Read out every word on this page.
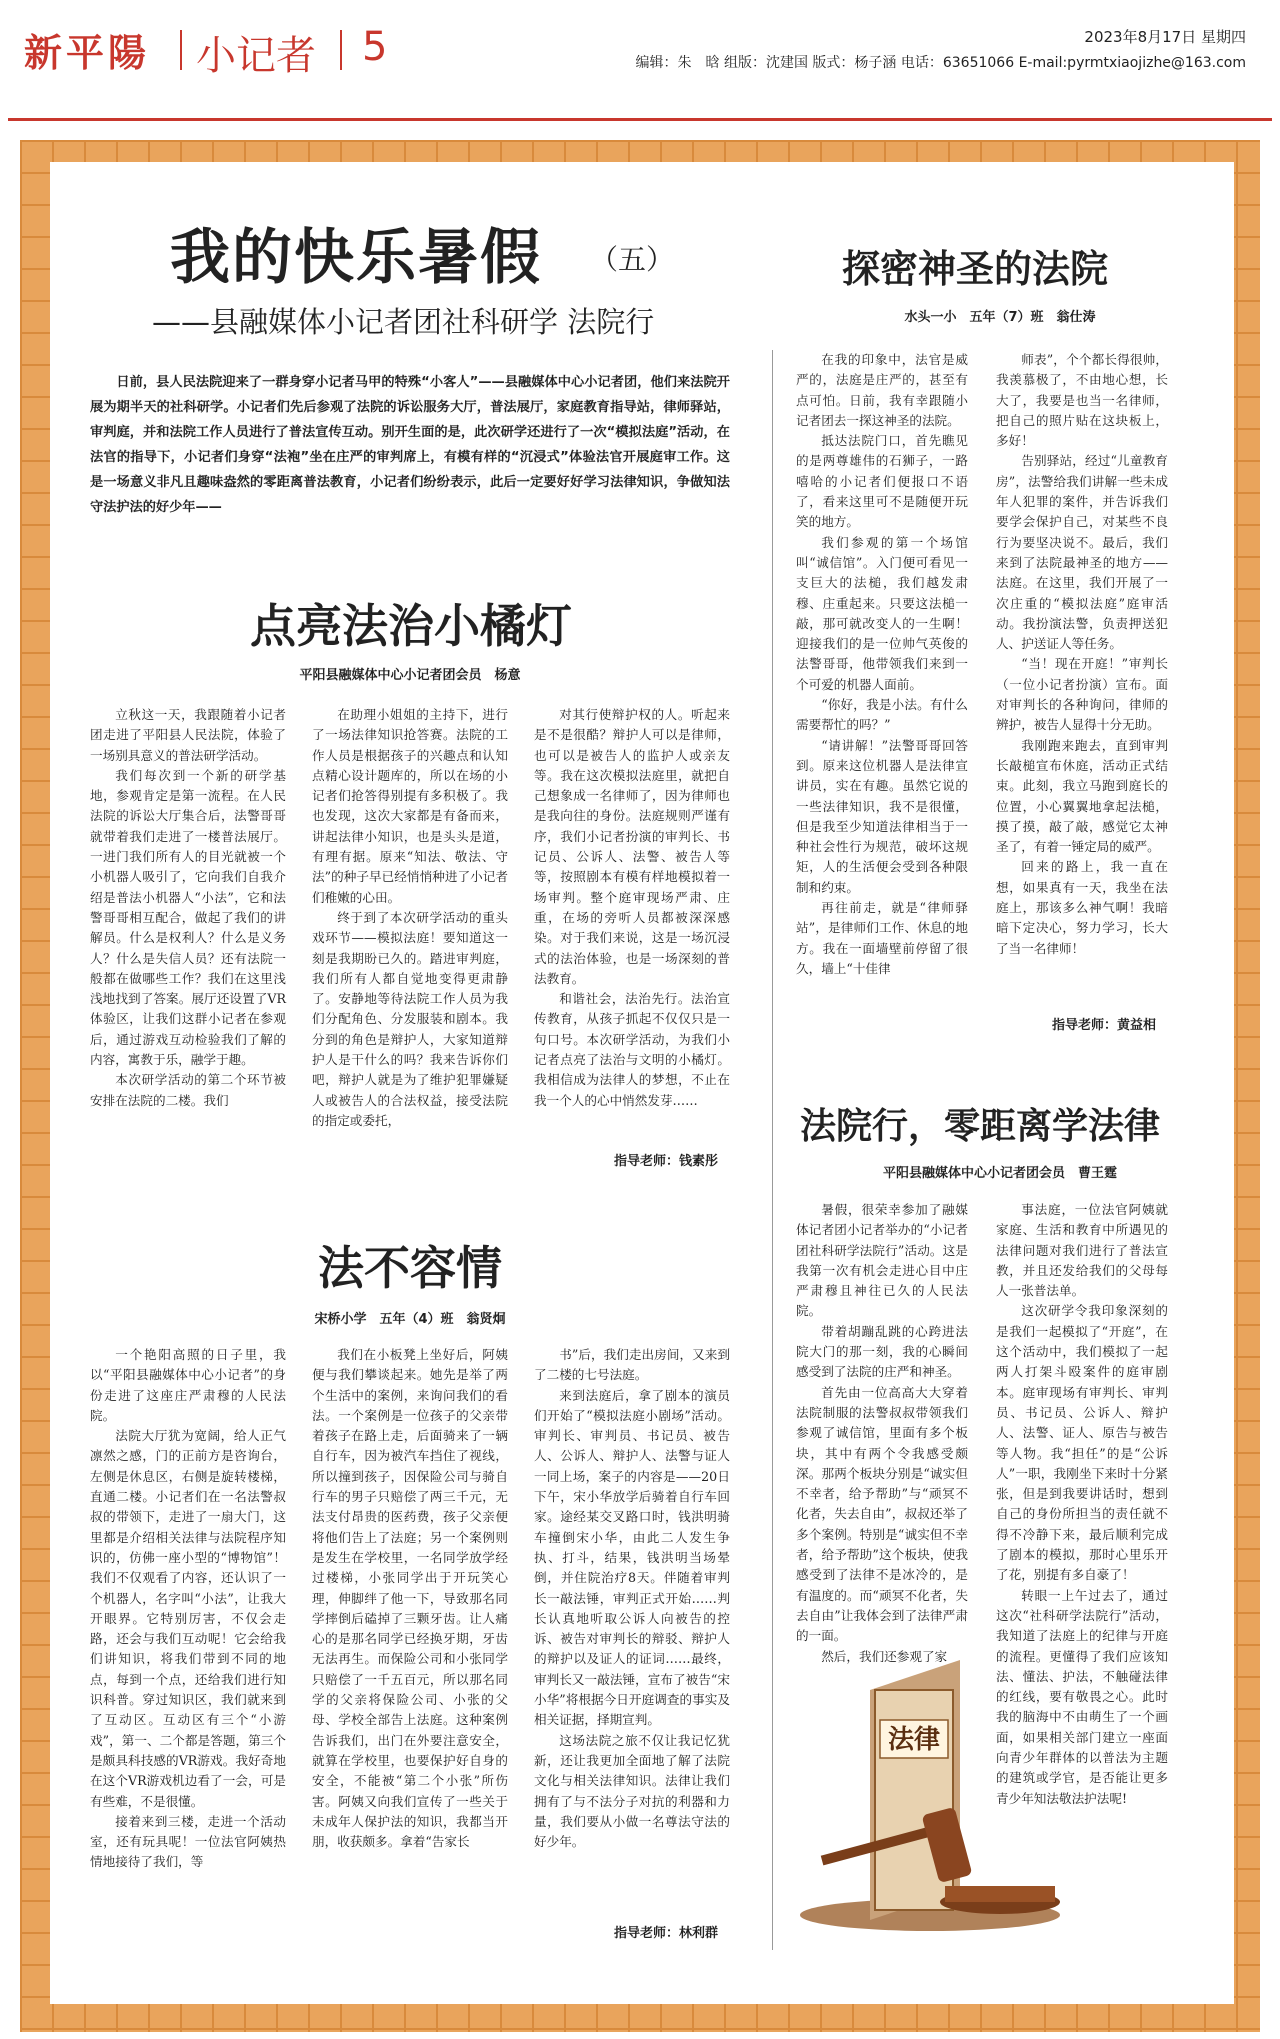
新平陽 小记者 5	2023年8月17日 星期四
编辑：朱　晗 组版：沈建国 版式：杨子涵 电话：63651066 E-mail:pyrmtxiaojizhe@163.com
我的快乐暑假 （五）
——县融媒体小记者团社科研学 法院行
日前，县人民法院迎来了一群身穿小记者马甲的特殊“小客人”——县融媒体中心小记者团，他们来法院开展为期半天的社科研学。小记者们先后参观了法院的诉讼服务大厅，普法展厅，家庭教育指导站，律师驿站，审判庭，并和法院工作人员进行了普法宣传互动。别开生面的是，此次研学还进行了一次“模拟法庭”活动，在法官的指导下，小记者们身穿“法袍”坐在庄严的审判席上，有模有样的“沉浸式”体验法官开展庭审工作。这是一场意义非凡且趣味盎然的零距离普法教育，小记者们纷纷表示，此后一定要好好学习法律知识，争做知法守法护法的好少年——
点亮法治小橘灯
平阳县融媒体中心小记者团会员　杨意

立秋这一天，我跟随着小记者团走进了平阳县人民法院，体验了一场别具意义的普法研学活动。

我们每次到一个新的研学基地，参观肯定是第一流程。在人民法院的诉讼大厅集合后，法警哥哥就带着我们走进了一楼普法展厅。一进门我们所有人的目光就被一个小机器人吸引了，它向我们自我介绍是普法小机器人“小法”，它和法警哥哥相互配合，做起了我们的讲解员。什么是权利人？什么是义务人？什么是失信人员？还有法院一般都在做哪些工作？我们在这里浅浅地找到了答案。展厅还设置了VR体验区，让我们这群小记者在参观后，通过游戏互动检验我们了解的内容，寓教于乐，融学于趣。

本次研学活动的第二个环节被安排在法院的二楼。我们

在助理小姐姐的主持下，进行了一场法律知识抢答赛。法院的工作人员是根据孩子的兴趣点和认知点精心设计题库的，所以在场的小记者们抢答得别提有多积极了。我也发现，这次大家都是有备而来，讲起法律小知识，也是头头是道，有理有据。原来“知法、敬法、守法”的种子早已经悄悄种进了小记者们稚嫩的心田。

终于到了本次研学活动的重头戏环节——模拟法庭！要知道这一刻是我期盼已久的。踏进审判庭，我们所有人都自觉地变得更肃静了。安静地等待法院工作人员为我们分配角色、分发服装和剧本。我分到的角色是辩护人，大家知道辩护人是干什么的吗？我来告诉你们吧，辩护人就是为了维护犯罪嫌疑人或被告人的合法权益，接受法院的指定或委托，

对其行使辩护权的人。听起来是不是很酷？辩护人可以是律师，也可以是被告人的监护人或亲友等。我在这次模拟法庭里，就把自己想象成一名律师了，因为律师也是我向往的身份。法庭规则严谨有序，我们小记者扮演的审判长、书记员、公诉人、法警、被告人等等，按照剧本有模有样地模拟着一场审判。整个庭审现场严肃、庄重，在场的旁听人员都被深深感染。对于我们来说，这是一场沉浸式的法治体验，也是一场深刻的普法教育。

和谐社会，法治先行。法治宣传教育，从孩子抓起不仅仅只是一句口号。本次研学活动，为我们小记者点亮了法治与文明的小橘灯。我相信成为法律人的梦想，不止在我一个人的心中悄然发芽……

指导老师：钱素彤
法不容情
宋桥小学　五年（4）班　翁贤炯

一个艳阳高照的日子里，我以“平阳县融媒体中心小记者”的身份走进了这座庄严肃穆的人民法院。

法院大厅犹为宽阔，给人正气凛然之感，门的正前方是咨询台，左侧是休息区，右侧是旋转楼梯，直通二楼。小记者们在一名法警叔叔的带领下，走进了一扇大门，这里都是介绍相关法律与法院程序知识的，仿佛一座小型的“博物馆”！我们不仅观看了内容，还认识了一个机器人，名字叫“小法”，让我大开眼界。它特别厉害，不仅会走路，还会与我们互动呢！它会给我们讲知识，将我们带到不同的地点，每到一个点，还给我们进行知识科普。穿过知识区，我们就来到了互动区。互动区有三个“小游戏”，第一、二个都是答题，第三个是颇具科技感的VR游戏。我好奇地在这个VR游戏机边看了一会，可是有些难，不是很懂。

接着来到三楼，走进一个活动室，还有玩具呢！一位法官阿姨热情地接待了我们，等

我们在小板凳上坐好后，阿姨便与我们攀谈起来。她先是举了两个生活中的案例，来询问我们的看法。一个案例是一位孩子的父亲带着孩子在路上走，后面骑来了一辆自行车，因为被汽车挡住了视线，所以撞到孩子，因保险公司与骑自行车的男子只赔偿了两三千元，无法支付昂贵的医药费，孩子父亲便将他们告上了法庭；另一个案例则是发生在学校里，一名同学放学经过楼梯，小张同学出于开玩笑心理，伸脚绊了他一下，导致那名同学摔倒后磕掉了三颗牙齿。让人痛心的是那名同学已经换牙期，牙齿无法再生。而保险公司和小张同学只赔偿了一千五百元，所以那名同学的父亲将保险公司、小张的父母、学校全部告上法庭。这种案例告诉我们，出门在外要注意安全，就算在学校里，也要保护好自身的安全，不能被“第二个小张”所伤害。阿姨又向我们宣传了一些关于未成年人保护法的知识，我都当开朋，收获颇多。拿着“告家长

书”后，我们走出房间，又来到了二楼的七号法庭。

来到法庭后，拿了剧本的演员们开始了“模拟法庭小剧场”活动。审判长、审判员、书记员、被告人、公诉人、辩护人、法警与证人一同上场，案子的内容是——20日下午，宋小华放学后骑着自行车回家。途经某交叉路口时，钱洪明骑车撞倒宋小华，由此二人发生争执、打斗，结果，钱洪明当场晕倒，并住院治疗8天。伴随着审判长一敲法锤，审判正式开始……判长认真地听取公诉人向被告的控诉、被告对审判长的辩驳、辩护人的辩护以及证人的证词……最终，审判长又一敲法锤，宣布了被告“宋小华”将根据今日开庭调查的事实及相关证据，择期宣判。

这场法院之旅不仅让我记忆犹新，还让我更加全面地了解了法院文化与相关法律知识。法律让我们拥有了与不法分子对抗的利器和力量，我们要从小做一名尊法守法的好少年。

指导老师：林利群
探密神圣的法院
水头一小　五年（7）班　翁仕涛

在我的印象中，法官是威严的，法庭是庄严的，甚至有点可怕。日前，我有幸跟随小记者团去一探这神圣的法院。

抵达法院门口，首先瞧见的是两尊雄伟的石狮子，一路嘻哈的小记者们便报口不语了，看来这里可不是随便开玩笑的地方。

我们参观的第一个场馆叫“诚信馆”。入门便可看见一支巨大的法槌，我们越发肃穆、庄重起来。只要这法槌一敲，那可就改变人的一生啊！迎接我们的是一位帅气英俊的法警哥哥，他带领我们来到一个可爱的机器人面前。

“你好，我是小法。有什么需要帮忙的吗？”

“请讲解！”法警哥哥回答到。原来这位机器人是法律宣讲员，实在有趣。虽然它说的一些法律知识，我不是很懂，但是我至少知道法律相当于一种社会性行为规范，破坏这规矩，人的生活便会受到各种限制和约束。

再往前走，就是“律师驿站”，是律师们工作、休息的地方。我在一面墙壁前停留了很久，墙上“十佳律

师表”，个个都长得很帅，我羡慕极了，不由地心想，长大了，我要是也当一名律师，把自己的照片贴在这块板上，多好！

告别驿站，经过“儿童教育房”，法警给我们讲解一些未成年人犯罪的案件，并告诉我们要学会保护自己，对某些不良行为要坚决说不。最后，我们来到了法院最神圣的地方——法庭。在这里，我们开展了一次庄重的“模拟法庭”庭审活动。我扮演法警，负责押送犯人、护送证人等任务。

“当！现在开庭！”审判长（一位小记者扮演）宣布。面对审判长的各种询问，律师的辨护，被告人显得十分无助。

我刚跑来跑去，直到审判长敲槌宣布休庭，活动正式结束。此刻，我立马跑到庭长的位置，小心翼翼地拿起法槌，摸了摸，敲了敲，感觉它太神圣了，有着一锤定局的威严。

回来的路上，我一直在想，如果真有一天，我坐在法庭上，那该多么神气啊！我暗暗下定决心，努力学习，长大了当一名律师！

指导老师：黄益相
法院行，零距离学法律
平阳县融媒体中心小记者团会员　曹王霆

暑假，很荣幸参加了融媒体记者团小记者举办的“小记者团社科研学法院行”活动。这是我第一次有机会走进心目中庄严肃穆且神往已久的人民法院。

带着胡蹦乱跳的心跨进法院大门的那一刻，我的心瞬间感受到了法院的庄严和神圣。

首先由一位高高大大穿着法院制服的法警叔叔带领我们参观了诚信馆，里面有多个板块，其中有两个令我感受颇深。那两个板块分别是“诚实但不幸者，给予帮助”与“顽冥不化者，失去自由”，叔叔还举了多个案例。特别是“诚实但不幸者，给予帮助”这个板块，使我感受到了法律不是冰冷的，是有温度的。而“顽冥不化者，失去自由”让我体会到了法律严肃的一面。

然后，我们还参观了家

事法庭，一位法官阿姨就家庭、生活和教育中所遇见的法律问题对我们进行了普法宣教，并且还发给我们的父母每人一张普法单。

这次研学令我印象深刻的是我们一起模拟了“开庭”，在这个活动中，我们模拟了一起两人打架斗殴案件的庭审剧本。庭审现场有审判长、审判员、书记员、公诉人、辩护人、法警、证人、原告与被告等人物。我“担任”的是“公诉人”一职，我刚坐下来时十分紧张，但是到我要讲话时，想到自己的身份所担当的责任就不得不冷静下来，最后顺利完成了剧本的模拟，那时心里乐开了花，别提有多自豪了！

转眼一上午过去了，通过这次“社科研学法院行”活动，我知道了法庭上的纪律与开庭的流程。更懂得了我们应该知法、懂法、护法，不触碰法律的红线，要有敬畏之心。此时我的脑海中不由萌生了一个画面，如果相关部门建立一座面向青少年群体的以普法为主题的建筑或学官，是否能让更多青少年知法敬法护法呢!

法律
